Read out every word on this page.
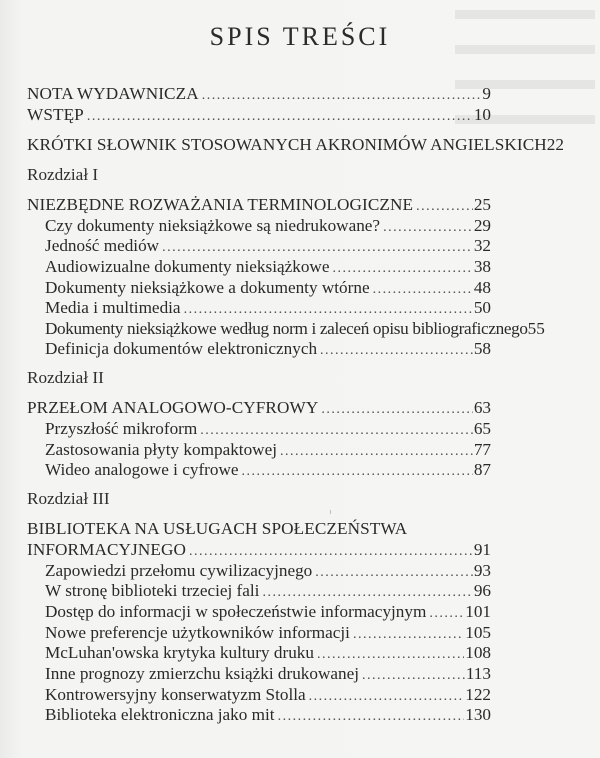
SPIS TREŚCI
NOTA WYDAWNICZA . . .	9
WSTĘP . . .	10
KRÓTKI SŁOWNIK STOSOWANYCH AKRONIMÓW ANGIELSKICH 22
Rozdział I
NIEZBĘDNE ROZWAŻANIA TERMINOLOGICZNE . . .	25
Czy dokumenty nieksiążkowe są niedrukowane? . . .	29
Jedność mediów . . .	32
Audiowizualne dokumenty nieksiążkowe . . .	38
Dokumenty nieksiążkowe a dokumenty wtórne . . .	48
Media i multimedia . . .	50
Dokumenty nieksiążkowe według norm i zaleceń opisu bibliograficznego 55
Definicja dokumentów elektronicznych . . .	58
Rozdział II
PRZEŁOM ANALOGOWO-CYFROWY . . .	63
Przyszłość mikroform . . .	65
Zastosowania płyty kompaktowej . . .	77
Wideo analogowe i cyfrowe . . .	87
Rozdział III
BIBLIOTEKA NA USŁUGACH SPOŁECZEŃSTWA
INFORMACYJNEGO . . .	91
Zapowiedzi przełomu cywilizacyjnego . . .	93
W stronę biblioteki trzeciej fali . . .	96
Dostęp do informacji w społeczeństwie informacyjnym . . . 101
Nowe preferencje użytkowników informacji . . .	105
McLuhan'owska krytyka kultury druku . . .	108
Inne prognozy zmierzchu książki drukowanej . . .	113
Kontrowersyjny konserwatyzm Stolla . . .	122
Biblioteka elektroniczna jako mit . . .	130
